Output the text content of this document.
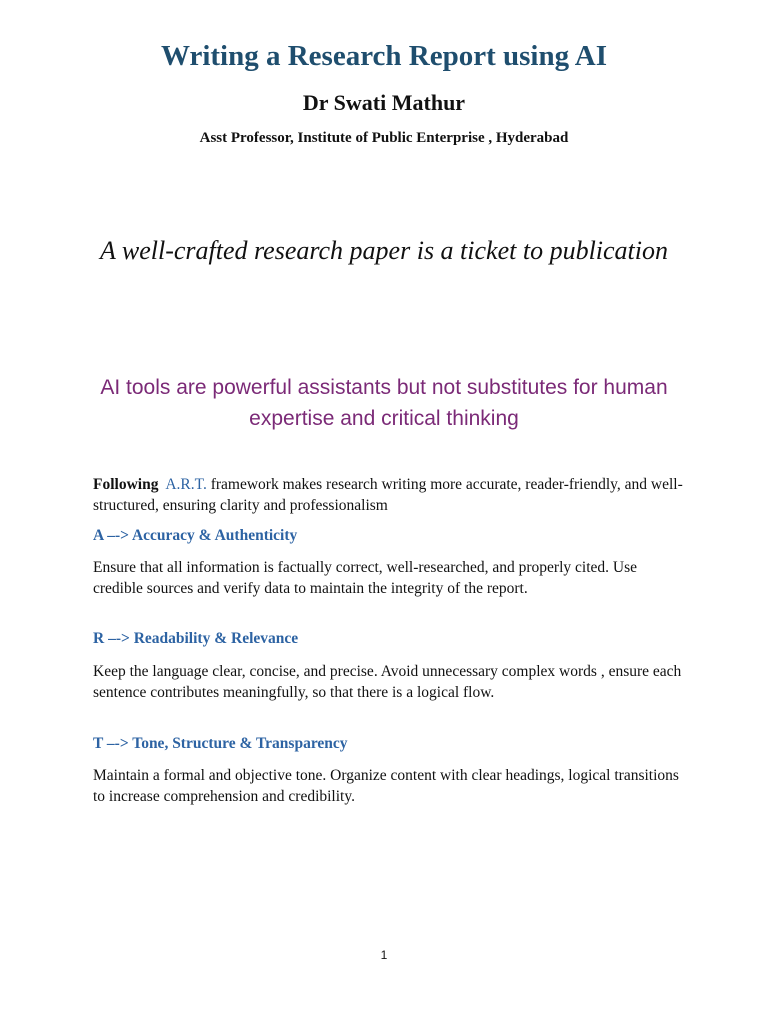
Writing a Research Report using AI
Dr Swati Mathur
Asst Professor, Institute of Public Enterprise , Hyderabad
A well-crafted research paper is a ticket to publication
AI tools are powerful assistants but not substitutes for human expertise and critical thinking
Following A.R.T. framework makes research writing more accurate, reader-friendly, and well-structured, ensuring clarity and professionalism
A –-> Accuracy & Authenticity
Ensure that all information is factually correct, well-researched, and properly cited. Use credible sources and verify data to maintain the integrity of the report.
R –-> Readability & Relevance
Keep the language clear, concise, and precise. Avoid unnecessary complex words , ensure each sentence contributes meaningfully, so that there is a logical flow.
T –-> Tone, Structure & Transparency
Maintain a formal and objective tone. Organize content with clear headings, logical transitions to increase comprehension and credibility.
1
